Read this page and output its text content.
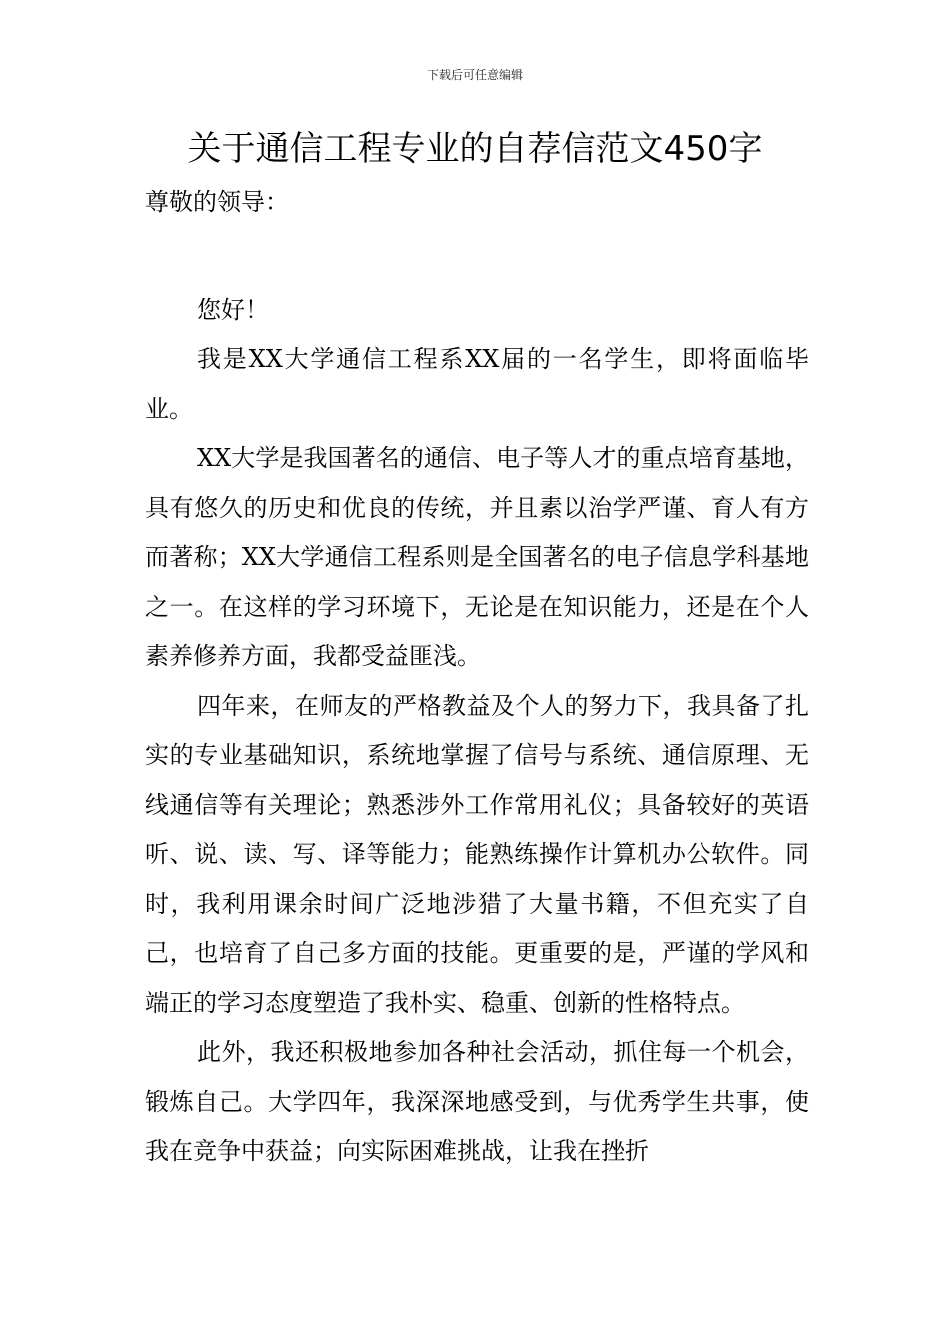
下载后可任意编辑
关于通信工程专业的自荐信范文450字

尊敬的领导：

您好！

我是XX大学通信工程系XX届的一名学生，即将面临毕业。

XX大学是我国著名的通信、电子等人才的重点培育基地，具有悠久的历史和优良的传统，并且素以治学严谨、育人有方而著称；XX大学通信工程系则是全国著名的电子信息学科基地之一。在这样的学习环境下，无论是在知识能力，还是在个人素养修养方面，我都受益匪浅。

四年来，在师友的严格教益及个人的努力下，我具备了扎实的专业基础知识，系统地掌握了信号与系统、通信原理、无线通信等有关理论；熟悉涉外工作常用礼仪；具备较好的英语听、说、读、写、译等能力；能熟练操作计算机办公软件。同时，我利用课余时间广泛地涉猎了大量书籍，不但充实了自己，也培育了自己多方面的技能。更重要的是，严谨的学风和端正的学习态度塑造了我朴实、稳重、创新的性格特点。

此外，我还积极地参加各种社会活动，抓住每一个机会，锻炼自己。大学四年，我深深地感受到，与优秀学生共事，使我在竞争中获益；向实际困难挑战，让我在挫折
